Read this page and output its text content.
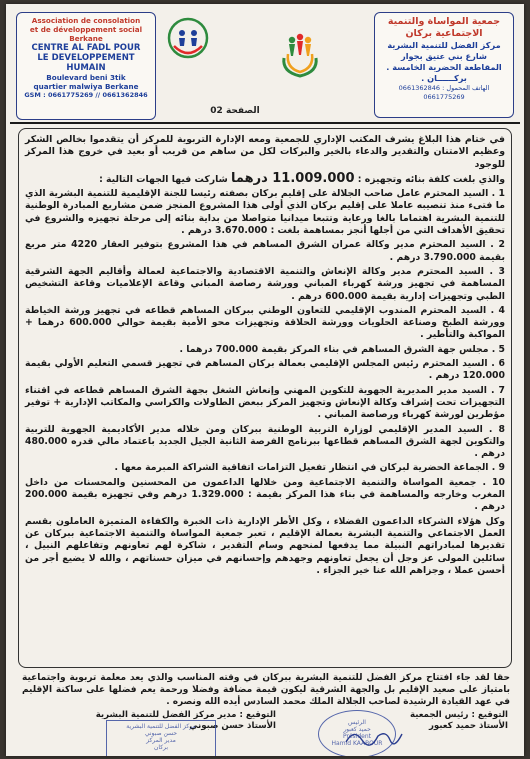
جمعية المواساة والتنمية
الاجتماعية بركان
مركز الفضل للتنمية البشرية
شارع بني عتيق بجوار
المقاطعة الحضرية الخامسة .
بركــــــان .
الهاتف المحمول : 0661362846
0661775269
Association de consolation
et de développement social
Berkane
CENTRE AL FADL POUR
LE DEVELOPPEMENT
HUMAIN
Boulevard beni 3tik
quartier malwiya Berkane
GSM : 0661775269 // 0661362846
الصفحة 02

في ختام هذا البلاغ يشرف المكتب الإداري للجمعية ومعه الإدارة التربوية للمركز أن يتقدموا بخالص الشكر وعظيم الامتنان والتقدير والدعاء بالخير والبركات لكل من ساهم من قريب أو بعيد في خروج هذا المركز للوجود

والذي بلغت كلفة بنائه وتجهيزه : 11.009.000 درهما شاركت فيها الجهات التالية :

1 . السيد المحترم عامل صاحب الجلالة على إقليم بركان بصفته رئيسا للجنة الإقليمية للتنمية البشرية الذي ما فتىء منذ تنصيبه عاملا على إقليم بركان الذي أولى هذا المشروع المنجز ضمن مشاريع المبادرة الوطنية للتنمية البشرية اهتماما بالغا ورعاية وتتبعا ميدانيا متواصلا من بداية بنائه إلى مرحلة تجهيزه والشروع في تحقيق الأهداف التي من أجلها أنجز بمساهمة بلغت : 3.670.000 درهم .

2 . السيد المحترم مدير وكالة عمران الشرق المساهم في هذا المشروع بتوفير العقار 4220 متر مربع بقيمة 3.790.000 درهم .

3 . السيد المحترم مدير وكالة الإنعاش والتنمية الاقتصادية والاجتماعية لعمالة وأقاليم الجهة الشرقية المساهمة في تجهيز ورشة كهرباء المباني وورشة رصاصة المباني وقاعة الإعلاميات وقاعة التشخيص الطبي وتجهيزات إدارية بقيمة 600.000 درهم .

4 . السيد المحترم المندوب الإقليمي للتعاون الوطني ببركان المساهم قطاعه في تجهيز ورشة الخياطة وورشة الطبخ وصناعة الحلويات وورشة الحلاقة وتجهيزات محو الأمية بقيمة حوالي 600.000 درهما + المواكبة والتأطير .

5 . مجلس جهة الشرق المساهم في بناء المركز بقيمة 700.000 درهما .

6 . السيد المحترم رئيس المجلس الإقليمي بعمالة بركان المساهم في تجهيز قسمي التعليم الأولي بقيمة 120.000 درهم .

7 . السيد مدير المديرية الجهوية للتكوين المهني وإنعاش الشغل بجهة الشرق المساهم قطاعه في اقتناء التجهيزات تحت إشراف وكالة الإنعاش وتجهيز المركز ببعض الطاولات والكراسي والمكاتب الإدارية + توفير مؤطرين لورشة كهرباء ورصاصة المباني .

8 . السيد المدير الإقليمي لوزارة التربية الوطنية ببركان ومن خلاله مدير الأكاديمية الجهوية للتربية والتكوين لجهة الشرق المساهم قطاعها ببرنامج الفرصة الثانية الجيل الجديد باعتماد مالي قدره 480.000 درهم .

9 . الجماعة الحضرية لبركان في انتظار تفعيل التزامات اتفاقية الشراكة المبرمة معها .

10 . جمعية المواساة والتنمية الاجتماعية ومن خلالها الداعمون من المحسنين والمحسنات من داخل المغرب وخارجه والمساهمة في بناء هذا المركز بقيمة : 1.329.000 درهم وفي تجهيزه بقيمة 200.000 درهم .

وكل هؤلاء الشركاء الداعمون الفضلاء ، وكل الأطر الإدارية ذات الخبرة والكفاءة المتميزة العاملون بقسم العمل الاجتماعي والتنمية البشرية بعمالة الإقليم ، تعبر جمعية المواساة والتنمية الاجتماعية ببركان عن تقديرها لمبادراتهم النبيلة مما يدفعها لمنحهم وسام التقدير ، شاكرة لهم تعاونهم وتفاعلهم النبيل ، سائلين المولى عز وجل أن يجعل تعاونهم وجهدهم وإحسانهم في ميزان حسناتهم ، والله لا يضيع أجر من أحسن عملا ، وجزاهم الله عنا خير الجزاء .

حقا لقد جاء افتتاح مركز الفضل للتنمية البشرية ببركان في وقته المناسب والذي يعد معلمة تربوية واجتماعية بامتياز على صعيد الإقليم بل والجهة الشرقية ليكون قيمة مضافة وفضلا ورحمة يعم فضلها على ساكنة الإقليم في عهد القيادة الرشيدة لصاحب الجلالة الملك محمد السادس أيده الله ونصره .
التوقيع : رئيس الجمعية
الأستاذ حميد كعبور
التوقيع : مدير مركز الفضل للتنمية البشرية
الأستاذ حسن صبوني
مركز الفضل للتنمية البشرية
حسن صبوني
مدير المركز
بركان
الرئيس
حميد كعبور
Président
Hamid KAABOUR
